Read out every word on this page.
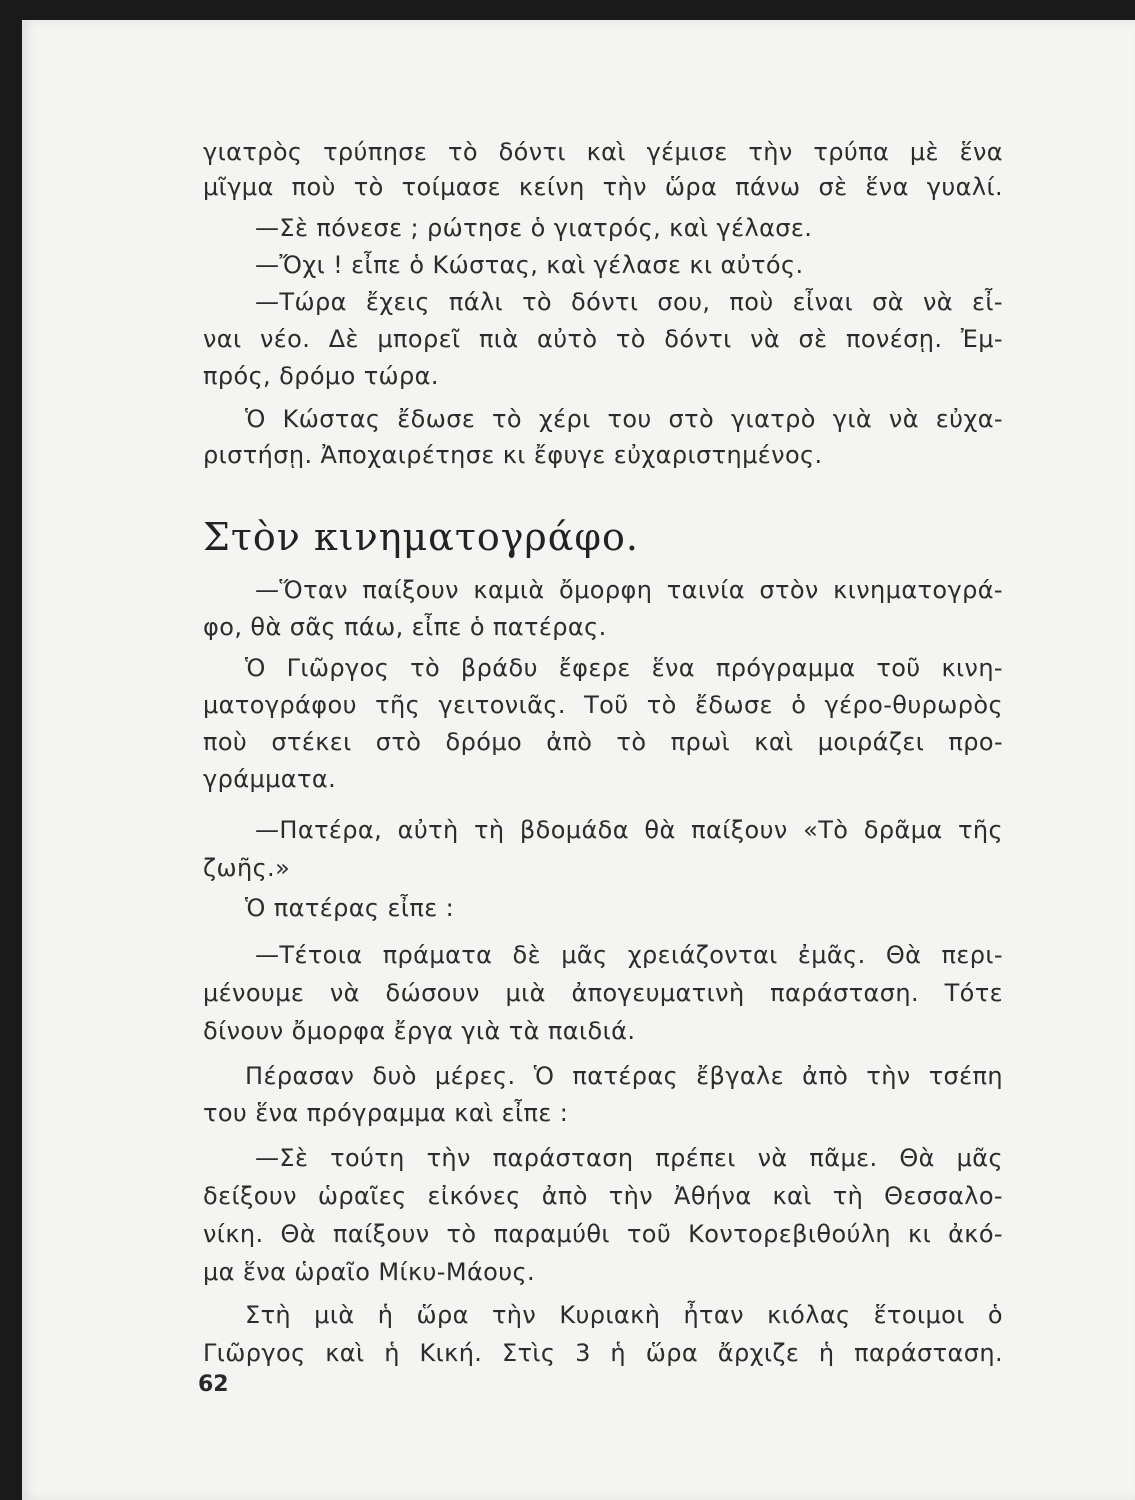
γιατρὸς τρύπησε τὸ δόντι καὶ γέμισε τὴν τρύπα μὲ ἕνα
μῖγμα ποὺ τὸ τοίμασε κείνη τὴν ὥρα πάνω σὲ ἕνα γυαλί.
—Σὲ πόνεσε ; ρώτησε ὁ γιατρός, καὶ γέλασε.
—Ὄχι ! εἶπε ὁ Κώστας, καὶ γέλασε κι αὐτός.
—Τώρα ἔχεις πάλι τὸ δόντι σου, ποὺ εἶναι σὰ νὰ εἶ-
ναι νέο. Δὲ μπορεῖ πιὰ αὐτὸ τὸ δόντι νὰ σὲ πονέσῃ. Ἐμ-
πρός, δρόμο τώρα.
Ὁ Κώστας ἔδωσε τὸ χέρι του στὸ γιατρὸ γιὰ νὰ εὐχα-
ριστήσῃ. Ἀποχαιρέτησε κι ἔφυγε εὐχαριστημένος.
Στὸν κινηματογράφο.
—Ὅταν παίξουν καμιὰ ὄμορφη ταινία στὸν κινηματογρά-
φο, θὰ σᾶς πάω, εἶπε ὁ πατέρας.
Ὁ Γιῶργος τὸ βράδυ ἔφερε ἕνα πρόγραμμα τοῦ κινη-
ματογράφου τῆς γειτονιᾶς. Τοῦ τὸ ἔδωσε ὁ γέρο-θυρωρὸς
ποὺ στέκει στὸ δρόμο ἀπὸ τὸ πρωὶ καὶ μοιράζει προ-
γράμματα.
—Πατέρα, αὐτὴ τὴ βδομάδα θὰ παίξουν «Τὸ δρᾶμα τῆς
ζωῆς.»
Ὁ πατέρας εἶπε :
—Τέτοια πράματα δὲ μᾶς χρειάζονται ἐμᾶς. Θὰ περι-
μένουμε νὰ δώσουν μιὰ ἀπογευματινὴ παράσταση. Τότε
δίνουν ὄμορφα ἔργα γιὰ τὰ παιδιά.
Πέρασαν δυὸ μέρες. Ὁ πατέρας ἔβγαλε ἀπὸ τὴν τσέπη
του ἕνα πρόγραμμα καὶ εἶπε :
—Σὲ τούτη τὴν παράσταση πρέπει νὰ πᾶμε. Θὰ μᾶς
δείξουν ὡραῖες εἰκόνες ἀπὸ τὴν Ἀθήνα καὶ τὴ Θεσσαλο-
νίκη. Θὰ παίξουν τὸ παραμύθι τοῦ Κοντορεβιθούλη κι ἀκό-
μα ἕνα ὡραῖο Μίκυ-Μάους.
Στὴ μιὰ ἡ ὥρα τὴν Κυριακὴ ἦταν κιόλας ἕτοιμοι ὁ
Γιῶργος καὶ ἡ Κική. Στὶς 3 ἡ ὥρα ἄρχιζε ἡ παράσταση.
62
